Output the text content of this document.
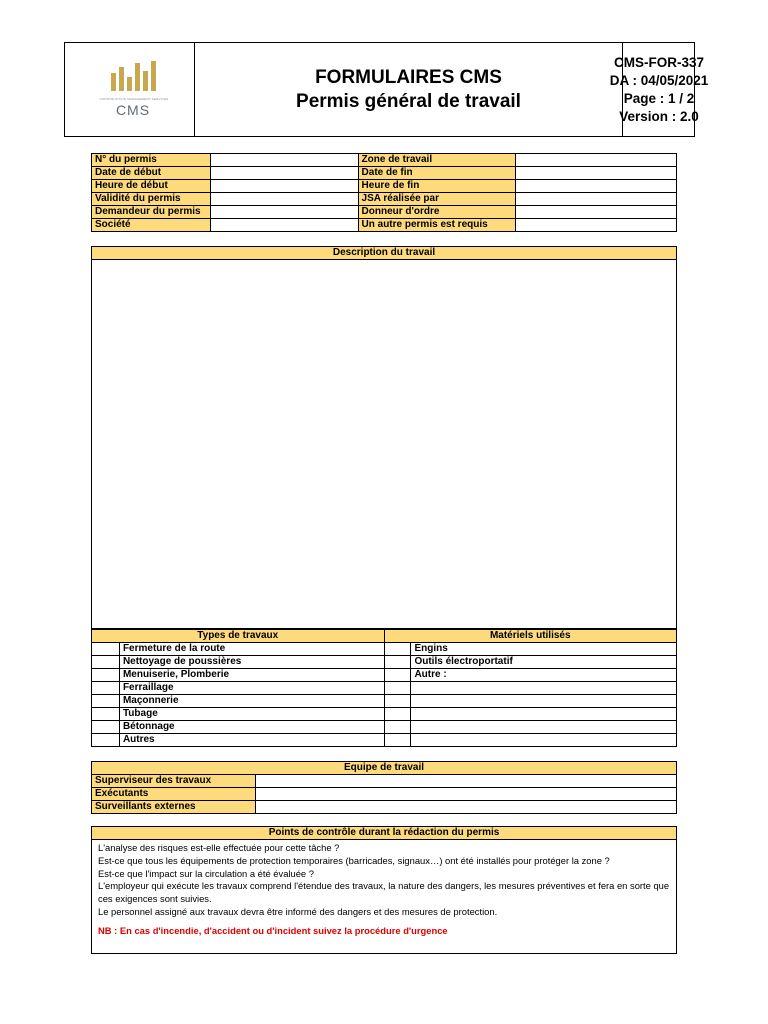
CONSTRUCTION MANAGEMENT SERVICES
CMS
FORMULAIRES CMS
Permis général de travail
CMS-FOR-337
DA : 04/05/2021
Page : 1 / 2
Version : 2.0
N° du permis		Zone de travail	
Date de début		Date de fin	
Heure de début		Heure de fin	
Validité du permis		JSA réalisée par	
Demandeur du permis		Donneur d'ordre	
Société		Un autre permis est requis	
Description du travail

Types de travaux		Matériels utilisés	
	Fermeture de la route		Engins
	Nettoyage de poussières		Outils électroportatif
	Menuiserie, Plomberie		Autre :
	Ferraillage		
	Maçonnerie		
	Tubage		
	Bétonnage		
	Autres		
Equipe de travail	
Superviseur des travaux	
Exécutants	
Surveillants externes	
Points de contrôle durant la rédaction du permis

L'analyse des risques est-elle effectuée pour cette tâche ?

Est-ce que tous les équipements de protection temporaires (barricades, signaux…) ont été installés pour protéger la zone ?

Est-ce que l'impact sur la circulation a été évaluée ?

L'employeur qui exécute les travaux comprend l'étendue des travaux, la nature des dangers, les mesures préventives et fera en sorte que ces exigences sont suivies.

Le personnel assigné aux travaux devra être informé des dangers et des mesures de protection.

NB : En cas d'incendie, d'accident ou d'incident suivez la procédure d'urgence
